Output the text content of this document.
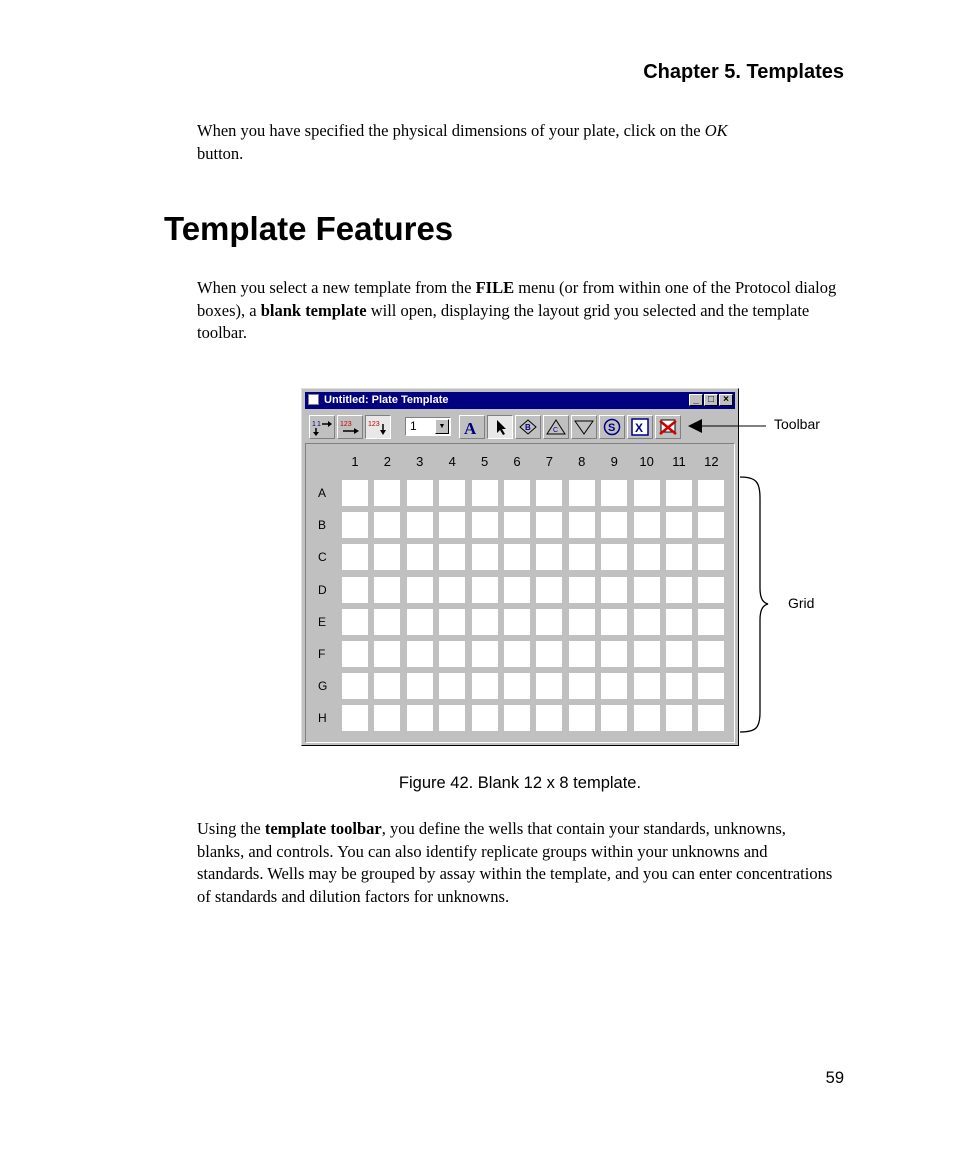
Chapter 5. Templates
When you have specified the physical dimensions of your plate, click on the OK
button.
Template Features
When you select a new template from the FILE menu (or from within one of the Protocol dialog boxes), a blank template will open, displaying the layout grid you selected and the template toolbar.
Untitled: Plate Template	_ □ ×
1 1	123 123	1	▼ A	B	C	S X
1	2	3	4	5	6	7	8	9	10	11	12
A
B
C
D
E
F
G
H
Toolbar
Grid
Figure 42. Blank 12 x 8 template.
Using the template toolbar, you define the wells that contain your standards, unknowns, blanks, and controls. You can also identify replicate groups within your unknowns and standards. Wells may be grouped by assay within the template, and you can enter concentrations of standards and dilution factors for unknowns.
59
